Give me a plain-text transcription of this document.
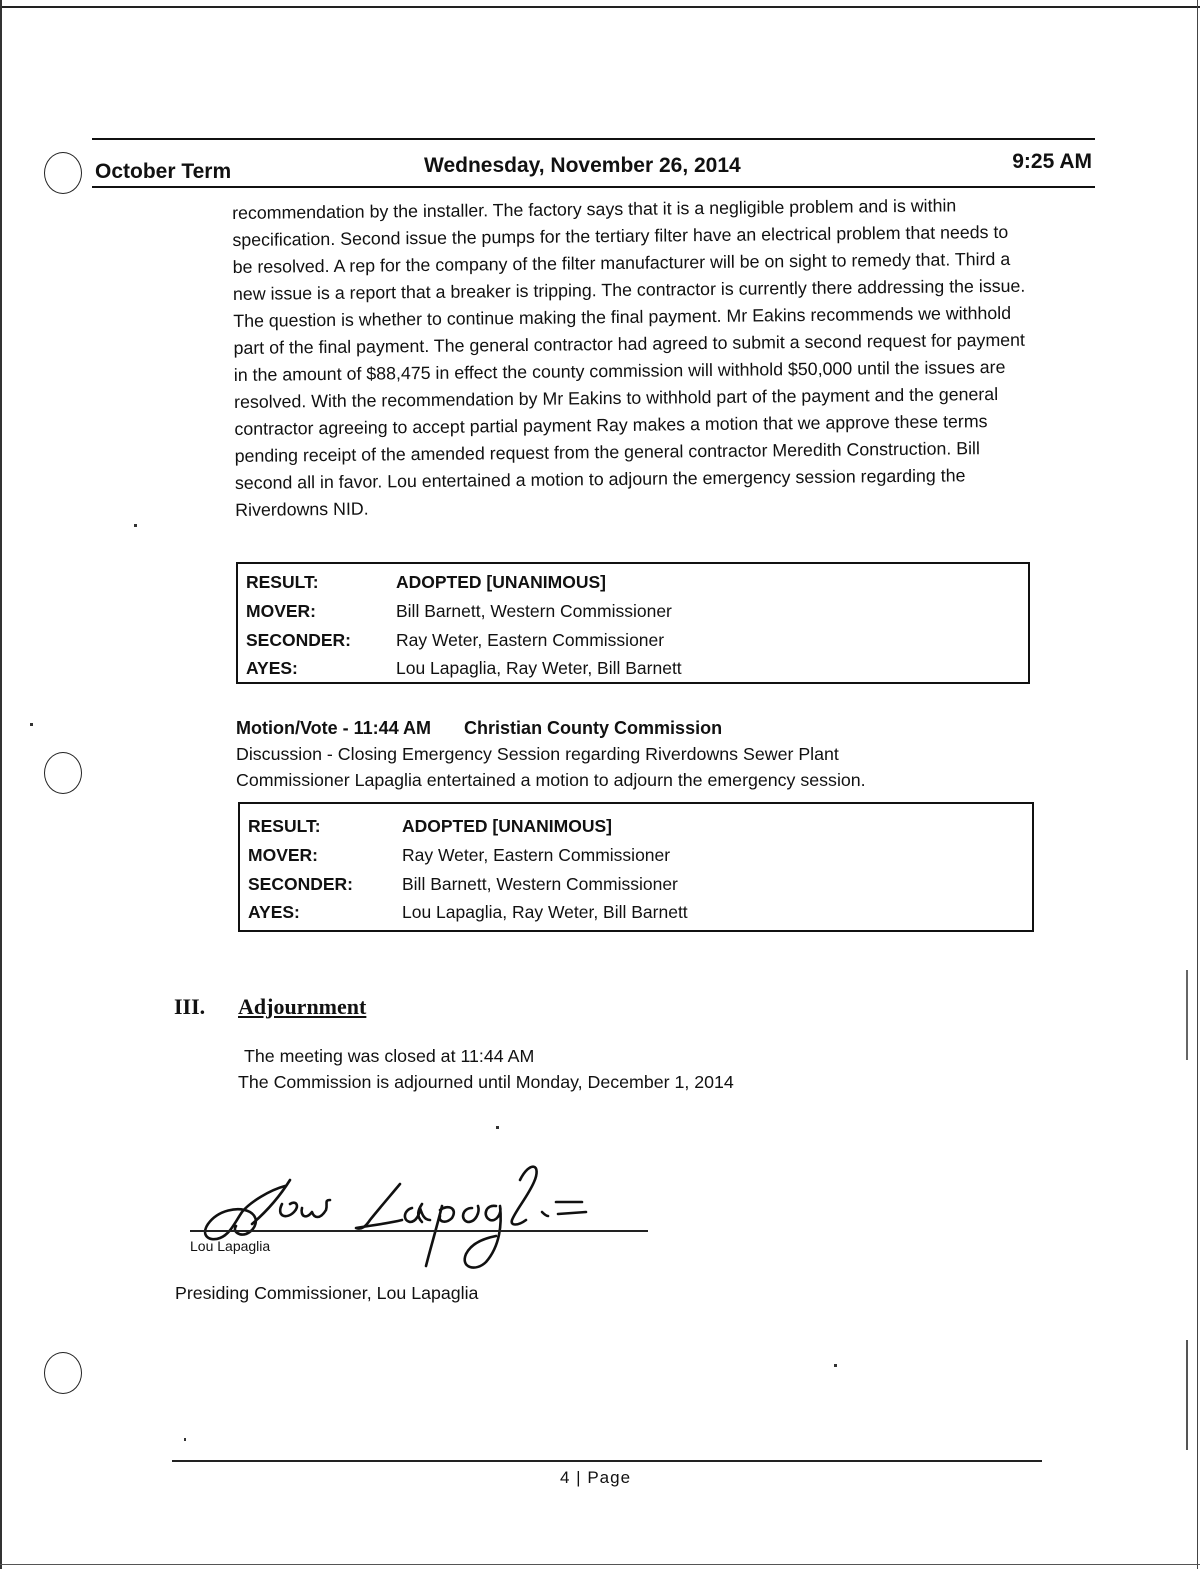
October Term	Wednesday, November 26, 2014	9:25 AM
recommendation by the installer. The factory says that it is a negligible problem and is within specification. Second issue the pumps for the tertiary filter have an electrical problem that needs to be resolved. A rep for the company of the filter manufacturer will be on sight to remedy that. Third a new issue is a report that a breaker is tripping. The contractor is currently there addressing the issue. The question is whether to continue making the final payment. Mr Eakins recommends we withhold part of the final payment. The general contractor had agreed to submit a second request for payment in the amount of $88,475 in effect the county commission will withhold $50,000 until the issues are resolved. With the recommendation by Mr Eakins to withhold part of the payment and the general contractor agreeing to accept partial payment Ray makes a motion that we approve these terms pending receipt of the amended request from the general contractor Meredith Construction. Bill second all in favor. Lou entertained a motion to adjourn the emergency session regarding the Riverdowns NID.
RESULT:	ADOPTED [UNANIMOUS]
MOVER:	Bill Barnett, Western Commissioner
SECONDER:	Ray Weter, Eastern Commissioner
AYES:	Lou Lapaglia, Ray Weter, Bill Barnett
Motion/Vote - 11:44 AM Christian County Commission
Discussion - Closing Emergency Session regarding Riverdowns Sewer Plant
Commissioner Lapaglia entertained a motion to adjourn the emergency session.
RESULT:	ADOPTED [UNANIMOUS]
MOVER:	Ray Weter, Eastern Commissioner
SECONDER:	Bill Barnett, Western Commissioner
AYES:	Lou Lapaglia, Ray Weter, Bill Barnett
III. Adjournment
The meeting was closed at 11:44 AM
The Commission is adjourned until Monday, December 1, 2014
Lou Lapaglia
Presiding Commissioner, Lou Lapaglia
4 | Page
